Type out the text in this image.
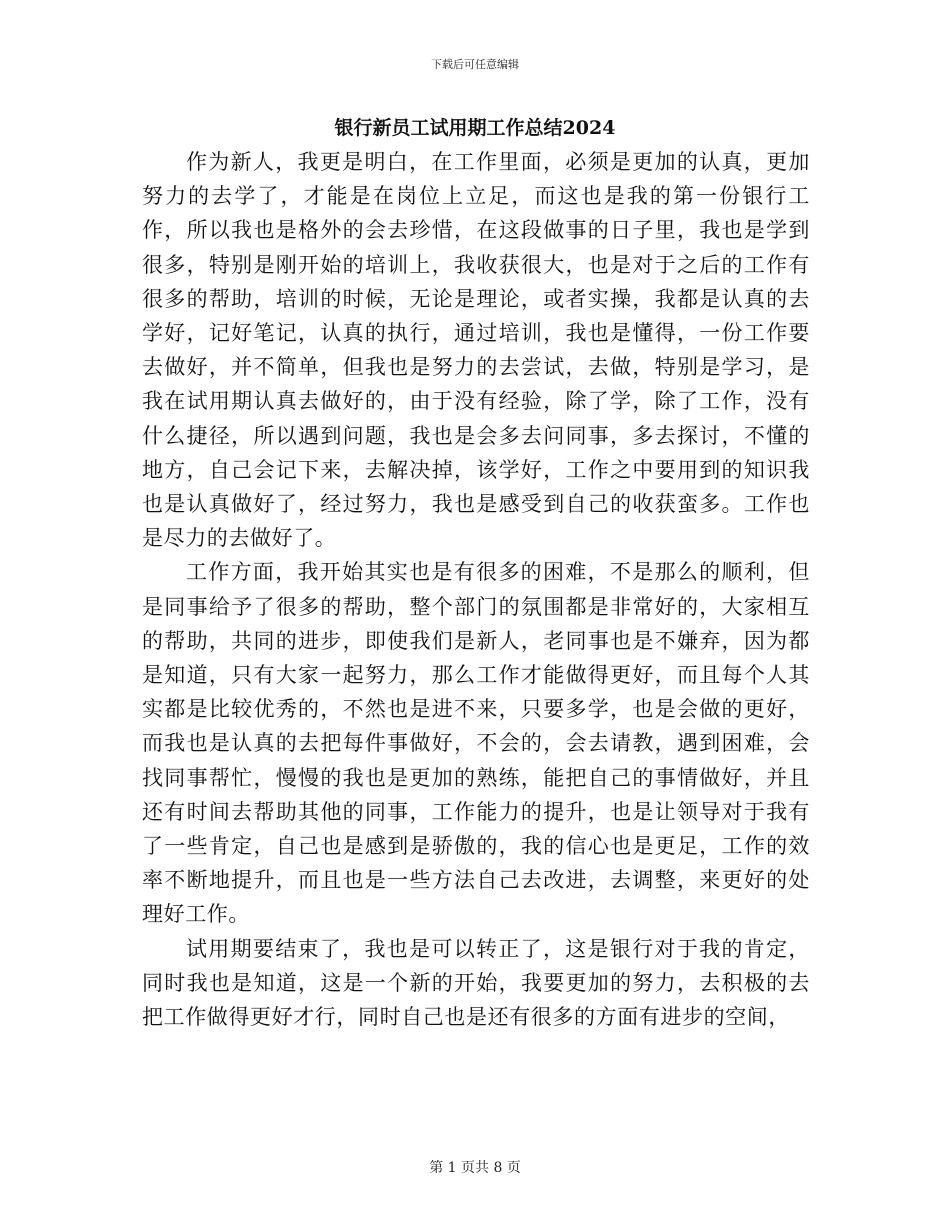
下载后可任意编辑
银行新员工试用期工作总结2024

作为新人，我更是明白，在工作里面，必须是更加的认真，更加努力的去学了，才能是在岗位上立足，而这也是我的第一份银行工作，所以我也是格外的会去珍惜，在这段做事的日子里，我也是学到很多，特别是刚开始的培训上，我收获很大，也是对于之后的工作有很多的帮助，培训的时候，无论是理论，或者实操，我都是认真的去学好，记好笔记，认真的执行，通过培训，我也是懂得，一份工作要去做好，并不简单，但我也是努力的去尝试，去做，特别是学习，是我在试用期认真去做好的，由于没有经验，除了学，除了工作，没有什么捷径，所以遇到问题，我也是会多去问同事，多去探讨，不懂的地方，自己会记下来，去解决掉，该学好，工作之中要用到的知识我也是认真做好了，经过努力，我也是感受到自己的收获蛮多。工作也是尽力的去做好了。

工作方面，我开始其实也是有很多的困难，不是那么的顺利，但是同事给予了很多的帮助，整个部门的氛围都是非常好的，大家相互的帮助，共同的进步，即使我们是新人，老同事也是不嫌弃，因为都是知道，只有大家一起努力，那么工作才能做得更好，而且每个人其实都是比较优秀的，不然也是进不来，只要多学，也是会做的更好，而我也是认真的去把每件事做好，不会的，会去请教，遇到困难，会找同事帮忙，慢慢的我也是更加的熟练，能把自己的事情做好，并且还有时间去帮助其他的同事，工作能力的提升，也是让领导对于我有了一些肯定，自己也是感到是骄傲的，我的信心也是更足，工作的效率不断地提升，而且也是一些方法自己去改进，去调整，来更好的处理好工作。

试用期要结束了，我也是可以转正了，这是银行对于我的肯定，同时我也是知道，这是一个新的开始，我要更加的努力，去积极的去把工作做得更好才行，同时自己也是还有很多的方面有进步的空间，

第 1 页共 8 页
